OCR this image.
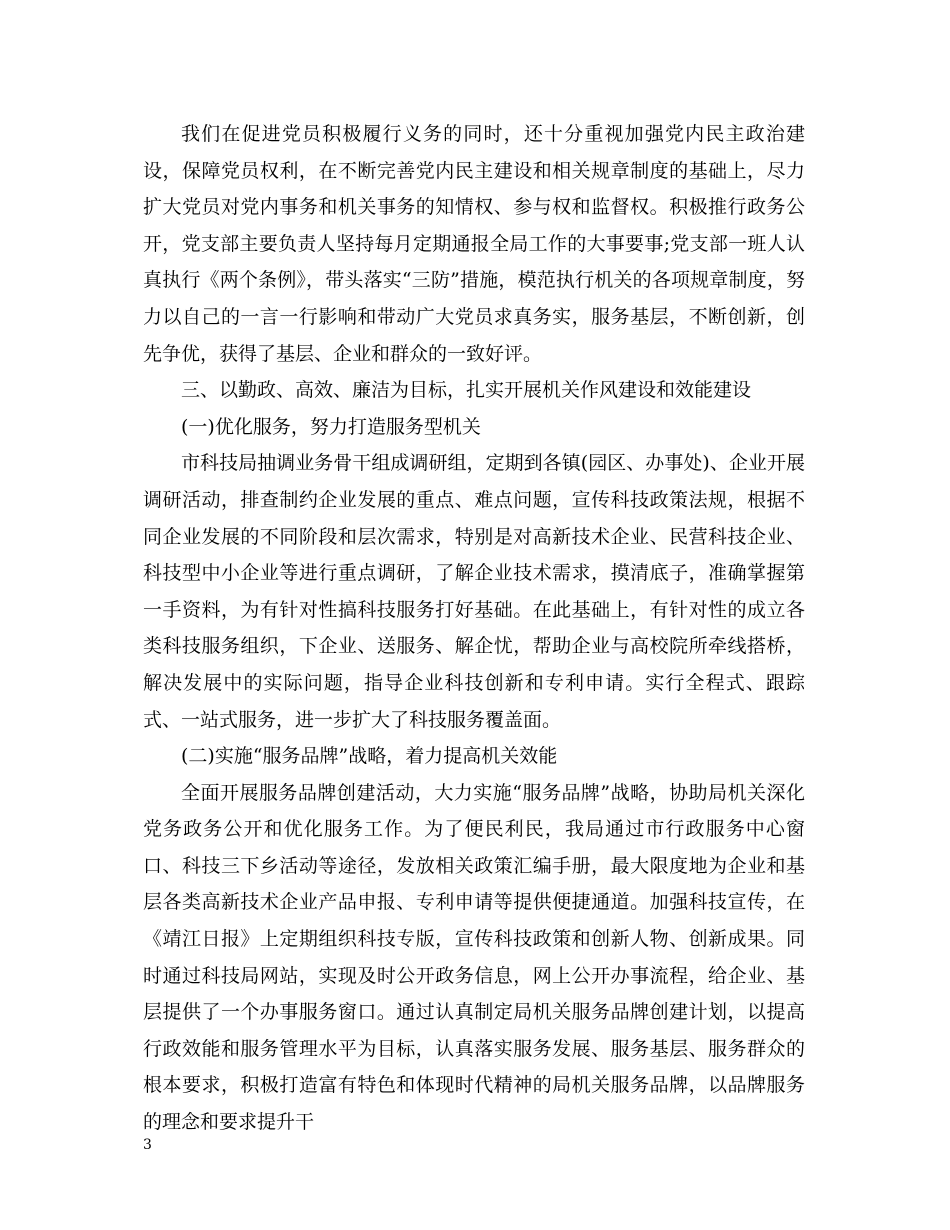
我们在促进党员积极履行义务的同时，还十分重视加强党内民主政治建设，保障党员权利，在不断完善党内民主建设和相关规章制度的基础上，尽力扩大党员对党内事务和机关事务的知情权、参与权和监督权。积极推行政务公开，党支部主要负责人坚持每月定期通报全局工作的大事要事;党支部一班人认真执行《两个条例》，带头落实“三防”措施，模范执行机关的各项规章制度，努力以自己的一言一行影响和带动广大党员求真务实，服务基层，不断创新，创先争优，获得了基层、企业和群众的一致好评。

三、以勤政、高效、廉洁为目标，扎实开展机关作风建设和效能建设

(一)优化服务，努力打造服务型机关

市科技局抽调业务骨干组成调研组，定期到各镇(园区、办事处)、企业开展调研活动，排查制约企业发展的重点、难点问题，宣传科技政策法规，根据不同企业发展的不同阶段和层次需求，特别是对高新技术企业、民营科技企业、科技型中小企业等进行重点调研，了解企业技术需求，摸清底子，准确掌握第一手资料，为有针对性搞科技服务打好基础。在此基础上，有针对性的成立各类科技服务组织，下企业、送服务、解企忧，帮助企业与高校院所牵线搭桥，解决发展中的实际问题，指导企业科技创新和专利申请。实行全程式、跟踪式、一站式服务，进一步扩大了科技服务覆盖面。

(二)实施“服务品牌”战略，着力提高机关效能

全面开展服务品牌创建活动，大力实施“服务品牌”战略，协助局机关深化党务政务公开和优化服务工作。为了便民利民，我局通过市行政服务中心窗口、科技三下乡活动等途径，发放相关政策汇编手册，最大限度地为企业和基层各类高新技术企业产品申报、专利申请等提供便捷通道。加强科技宣传，在《靖江日报》上定期组织科技专版，宣传科技政策和创新人物、创新成果。同时通过科技局网站，实现及时公开政务信息，网上公开办事流程，给企业、基层提供了一个办事服务窗口。通过认真制定局机关服务品牌创建计划，以提高行政效能和服务管理水平为目标，认真落实服务发展、服务基层、服务群众的根本要求，积极打造富有特色和体现时代精神的局机关服务品牌，以品牌服务的理念和要求提升干

3
